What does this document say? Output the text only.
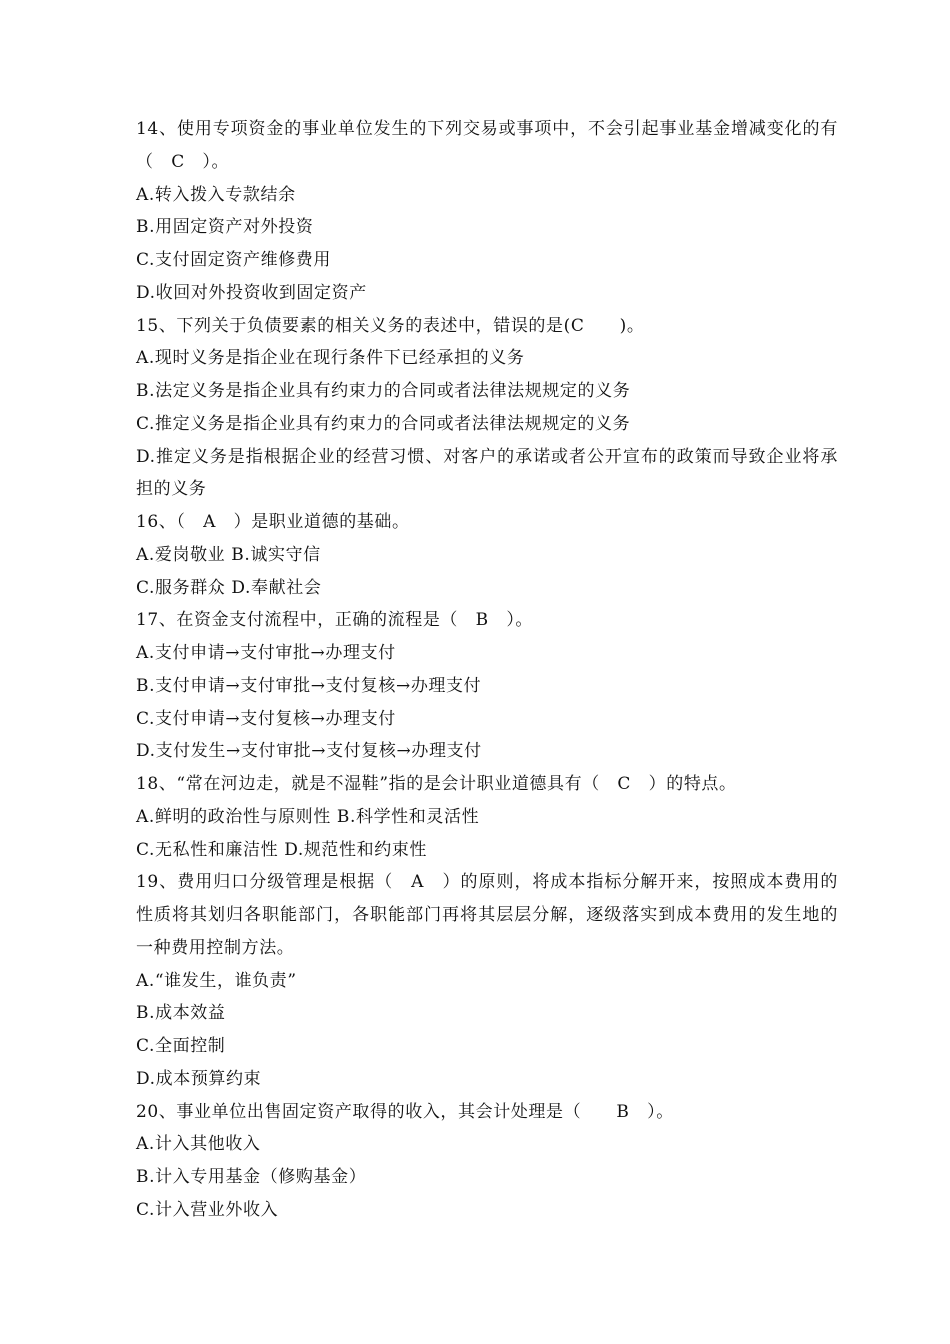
14、使用专项资金的事业单位发生的下列交易或事项中，不会引起事业基金增减变化的有（　C　）。
A.转入拨入专款结余
B.用固定资产对外投资
C.支付固定资产维修费用
D.收回对外投资收到固定资产
15、下列关于负债要素的相关义务的表述中，错误的是(C　　)。
A.现时义务是指企业在现行条件下已经承担的义务
B.法定义务是指企业具有约束力的合同或者法律法规规定的义务
C.推定义务是指企业具有约束力的合同或者法律法规规定的义务
D.推定义务是指根据企业的经营习惯、对客户的承诺或者公开宣布的政策而导致企业将承担的义务
16、（　A　）是职业道德的基础。
A.爱岗敬业 B.诚实守信
C.服务群众 D.奉献社会
17、在资金支付流程中，正确的流程是（　B　）。
A.支付申请→支付审批→办理支付
B.支付申请→支付审批→支付复核→办理支付
C.支付申请→支付复核→办理支付
D.支付发生→支付审批→支付复核→办理支付
18、“常在河边走，就是不湿鞋”指的是会计职业道德具有（　C　）的特点。
A.鲜明的政治性与原则性 B.科学性和灵活性
C.无私性和廉洁性 D.规范性和约束性
19、费用归口分级管理是根据（　A　）的原则，将成本指标分解开来，按照成本费用的性质将其划归各职能部门，各职能部门再将其层层分解，逐级落实到成本费用的发生地的一种费用控制方法。
A.“谁发生，谁负责”
B.成本效益
C.全面控制
D.成本预算约束
20、事业单位出售固定资产取得的收入，其会计处理是（　　B　）。
A.计入其他收入
B.计入专用基金（修购基金）
C.计入营业外收入
